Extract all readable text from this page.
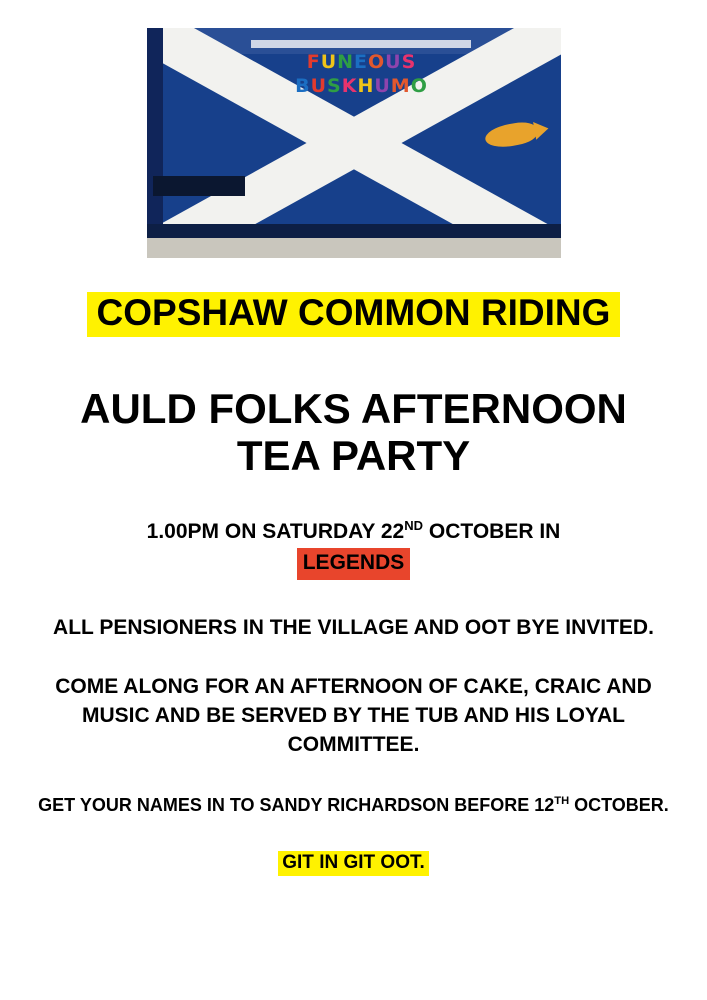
FUNEOUS
BUSKHUMO
COPSHAW COMMON RIDING
AULD FOLKS AFTERNOON
TEA PARTY
1.00PM ON SATURDAY 22ND OCTOBER IN
LEGENDS
ALL PENSIONERS IN THE VILLAGE AND OOT BYE INVITED.
COME ALONG FOR AN AFTERNOON OF CAKE, CRAIC AND MUSIC AND BE SERVED BY THE TUB AND HIS LOYAL COMMITTEE.
GET YOUR NAMES IN TO SANDY RICHARDSON BEFORE 12TH OCTOBER.
GIT IN GIT OOT.
